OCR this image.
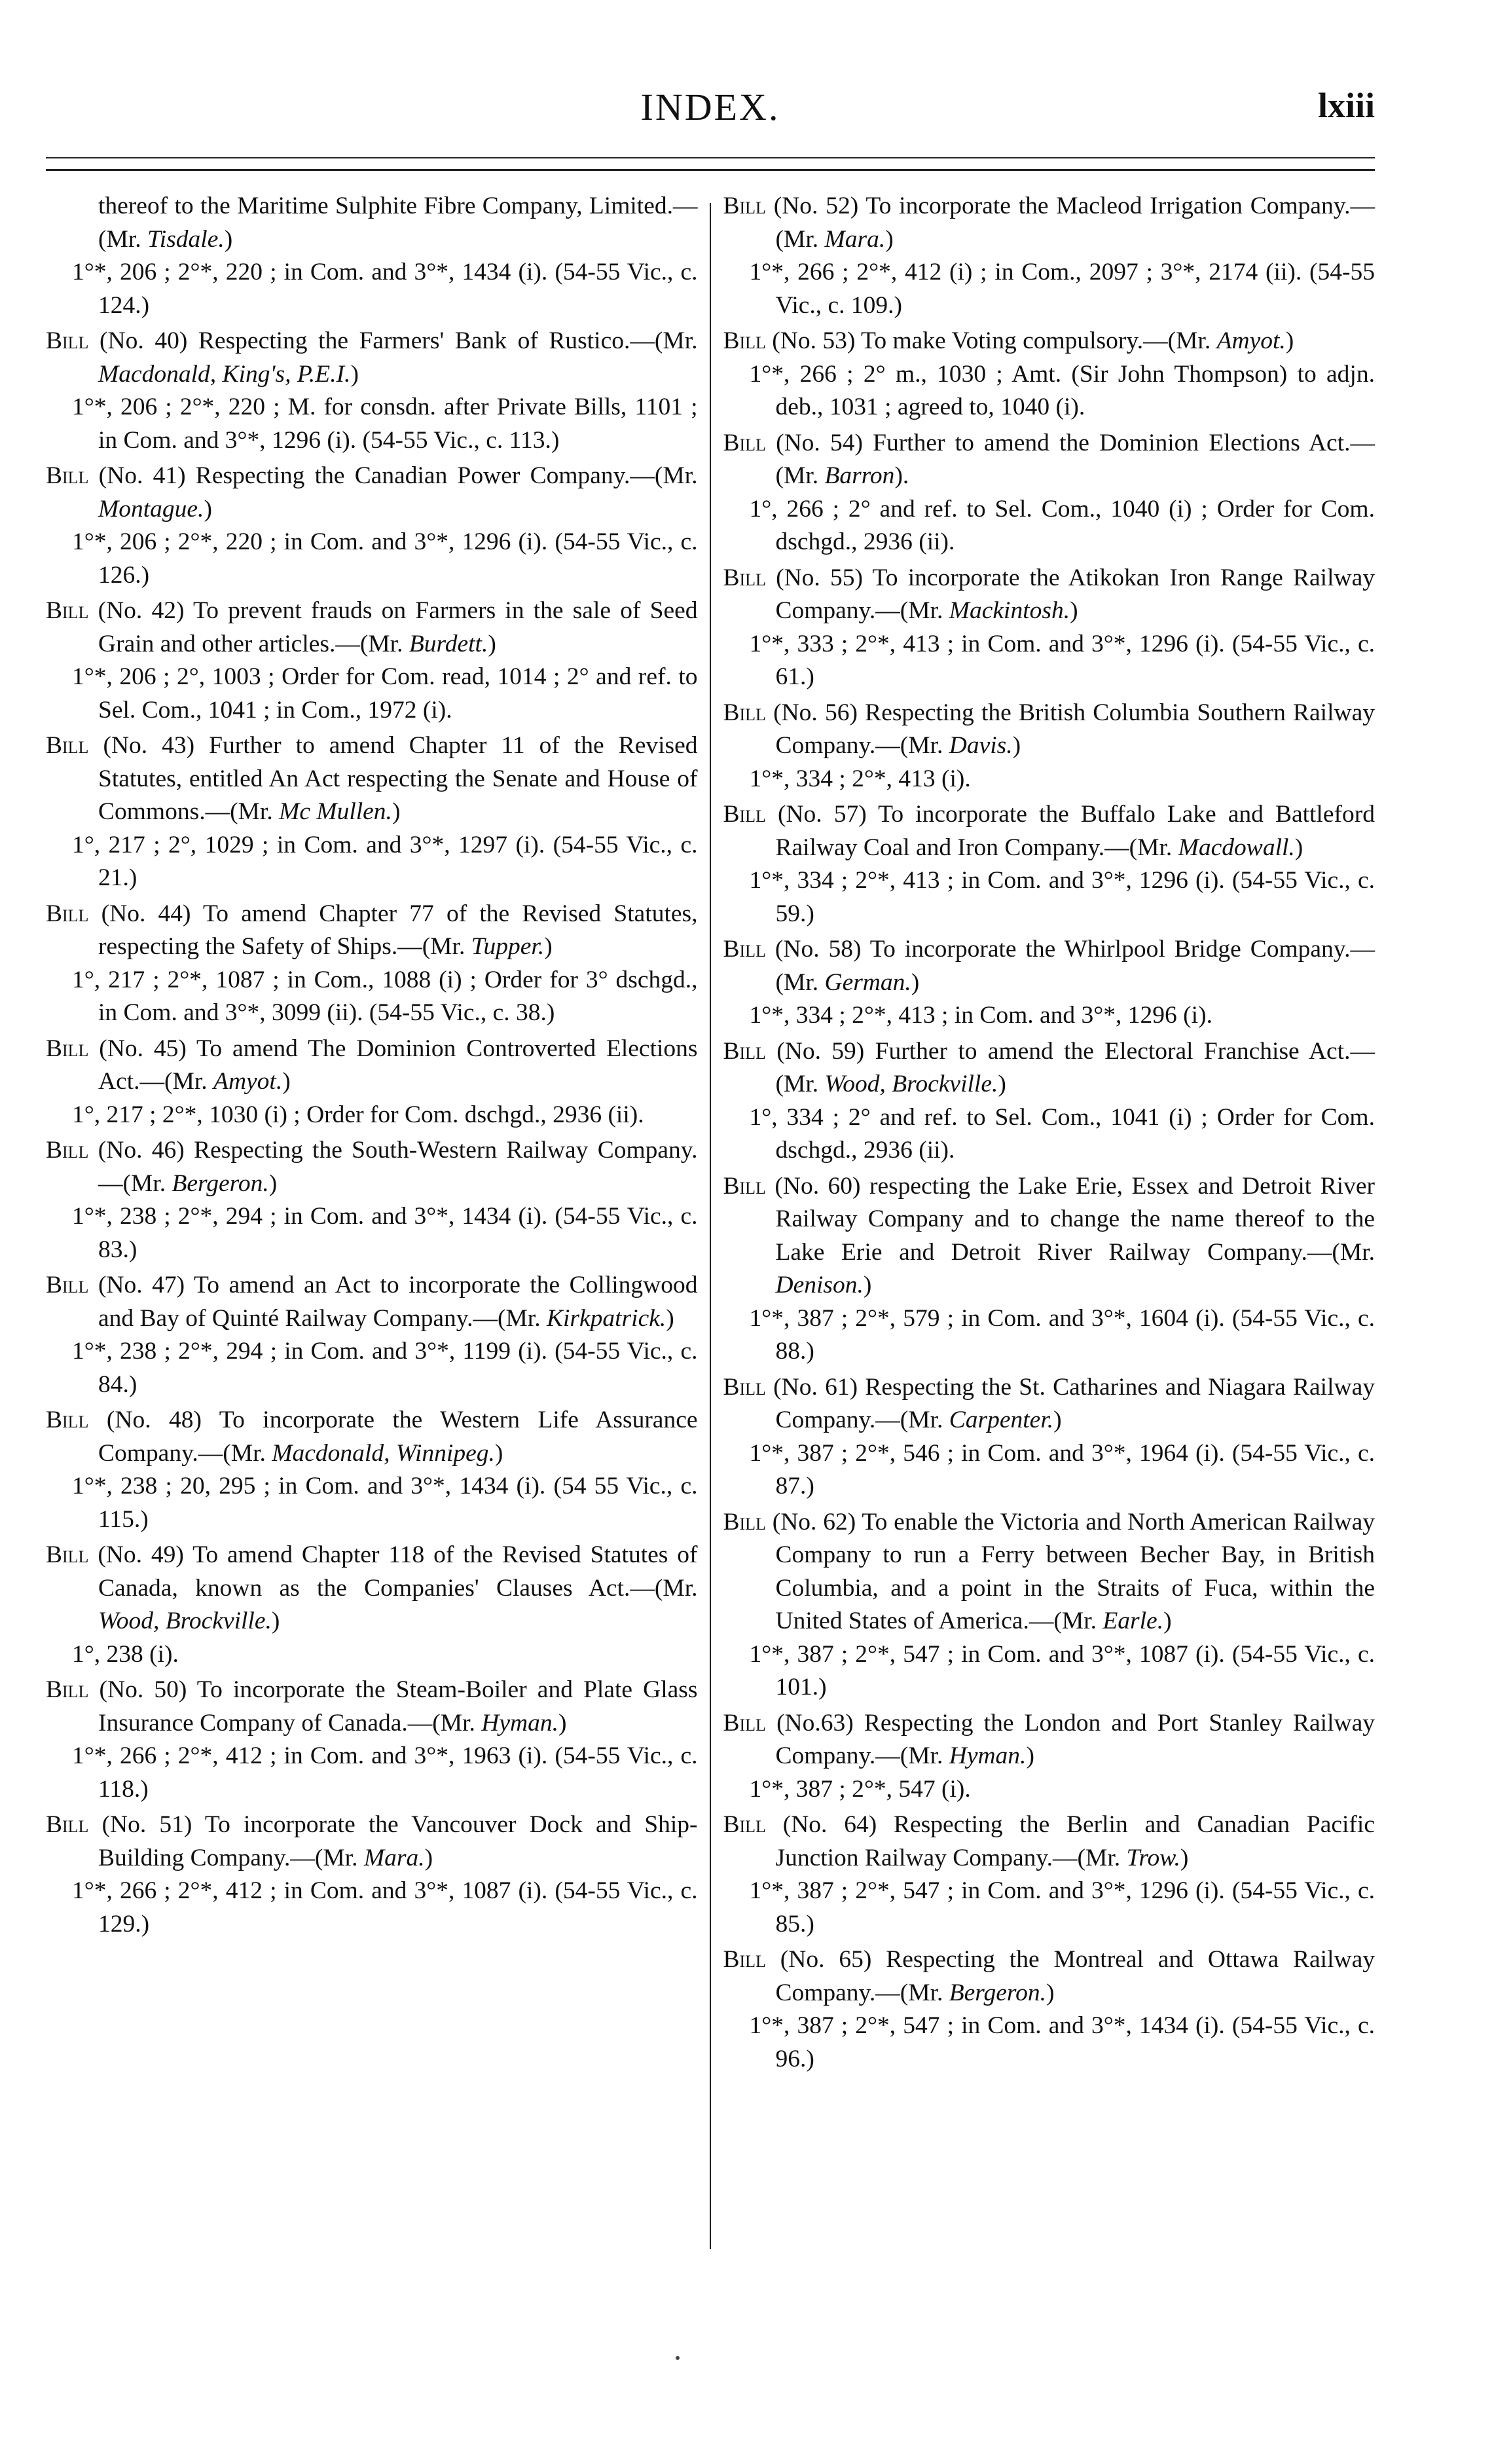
INDEX.	lxiii
thereof to the Maritime Sulphite Fibre Company, Limited.—(Mr. Tisdale.)
1°*, 206 ; 2°*, 220 ; in Com. and 3°*, 1434 (i). (54-55 Vic., c. 124.)
Bill (No. 40) Respecting the Farmers' Bank of Rustico.—(Mr. Macdonald, King's, P.E.I.)
1°*, 206 ; 2°*, 220 ; M. for consdn. after Private Bills, 1101 ; in Com. and 3°*, 1296 (i). (54-55 Vic., c. 113.)
Bill (No. 41) Respecting the Canadian Power Company.—(Mr. Montague.)
1°*, 206 ; 2°*, 220 ; in Com. and 3°*, 1296 (i). (54-55 Vic., c. 126.)
Bill (No. 42) To prevent frauds on Farmers in the sale of Seed Grain and other articles.—(Mr. Burdett.)
1°*, 206 ; 2°, 1003 ; Order for Com. read, 1014 ; 2° and ref. to Sel. Com., 1041 ; in Com., 1972 (i).
Bill (No. 43) Further to amend Chapter 11 of the Revised Statutes, entitled An Act respecting the Senate and House of Commons.—(Mr. Mc Mullen.)
1°, 217 ; 2°, 1029 ; in Com. and 3°*, 1297 (i). (54-55 Vic., c. 21.)
Bill (No. 44) To amend Chapter 77 of the Revised Statutes, respecting the Safety of Ships.—(Mr. Tupper.)
1°, 217 ; 2°*, 1087 ; in Com., 1088 (i) ; Order for 3° dschgd., in Com. and 3°*, 3099 (ii). (54-55 Vic., c. 38.)
Bill (No. 45) To amend The Dominion Controverted Elections Act.—(Mr. Amyot.)
1°, 217 ; 2°*, 1030 (i) ; Order for Com. dschgd., 2936 (ii).
Bill (No. 46) Respecting the South-Western Railway Company.—(Mr. Bergeron.)
1°*, 238 ; 2°*, 294 ; in Com. and 3°*, 1434 (i). (54-55 Vic., c. 83.)
Bill (No. 47) To amend an Act to incorporate the Collingwood and Bay of Quinté Railway Company.—(Mr. Kirkpatrick.)
1°*, 238 ; 2°*, 294 ; in Com. and 3°*, 1199 (i). (54-55 Vic., c. 84.)
Bill (No. 48) To incorporate the Western Life Assurance Company.—(Mr. Macdonald, Winnipeg.)
1°*, 238 ; 20, 295 ; in Com. and 3°*, 1434 (i). (54 55 Vic., c. 115.)
Bill (No. 49) To amend Chapter 118 of the Revised Statutes of Canada, known as the Companies' Clauses Act.—(Mr. Wood, Brockville.)
1°, 238 (i).
Bill (No. 50) To incorporate the Steam-Boiler and Plate Glass Insurance Company of Canada.—(Mr. Hyman.)
1°*, 266 ; 2°*, 412 ; in Com. and 3°*, 1963 (i). (54-55 Vic., c. 118.)
Bill (No. 51) To incorporate the Vancouver Dock and Ship-Building Company.—(Mr. Mara.)
1°*, 266 ; 2°*, 412 ; in Com. and 3°*, 1087 (i). (54-55 Vic., c. 129.)
Bill (No. 52) To incorporate the Macleod Irrigation Company.—(Mr. Mara.)
1°*, 266 ; 2°*, 412 (i) ; in Com., 2097 ; 3°*, 2174 (ii). (54-55 Vic., c. 109.)
Bill (No. 53) To make Voting compulsory.—(Mr. Amyot.)
1°*, 266 ; 2° m., 1030 ; Amt. (Sir John Thompson) to adjn. deb., 1031 ; agreed to, 1040 (i).
Bill (No. 54) Further to amend the Dominion Elections Act.—(Mr. Barron).
1°, 266 ; 2° and ref. to Sel. Com., 1040 (i) ; Order for Com. dschgd., 2936 (ii).
Bill (No. 55) To incorporate the Atikokan Iron Range Railway Company.—(Mr. Mackintosh.)
1°*, 333 ; 2°*, 413 ; in Com. and 3°*, 1296 (i). (54-55 Vic., c. 61.)
Bill (No. 56) Respecting the British Columbia Southern Railway Company.—(Mr. Davis.)
1°*, 334 ; 2°*, 413 (i).
Bill (No. 57) To incorporate the Buffalo Lake and Battleford Railway Coal and Iron Company.—(Mr. Macdowall.)
1°*, 334 ; 2°*, 413 ; in Com. and 3°*, 1296 (i). (54-55 Vic., c. 59.)
Bill (No. 58) To incorporate the Whirlpool Bridge Company.—(Mr. German.)
1°*, 334 ; 2°*, 413 ; in Com. and 3°*, 1296 (i).
Bill (No. 59) Further to amend the Electoral Franchise Act.—(Mr. Wood, Brockville.)
1°, 334 ; 2° and ref. to Sel. Com., 1041 (i) ; Order for Com. dschgd., 2936 (ii).
Bill (No. 60) respecting the Lake Erie, Essex and Detroit River Railway Company and to change the name thereof to the Lake Erie and Detroit River Railway Company.—(Mr. Denison.)
1°*, 387 ; 2°*, 579 ; in Com. and 3°*, 1604 (i). (54-55 Vic., c. 88.)
Bill (No. 61) Respecting the St. Catharines and Niagara Railway Company.—(Mr. Carpenter.)
1°*, 387 ; 2°*, 546 ; in Com. and 3°*, 1964 (i). (54-55 Vic., c. 87.)
Bill (No. 62) To enable the Victoria and North American Railway Company to run a Ferry between Becher Bay, in British Columbia, and a point in the Straits of Fuca, within the United States of America.—(Mr. Earle.)
1°*, 387 ; 2°*, 547 ; in Com. and 3°*, 1087 (i). (54-55 Vic., c. 101.)
Bill (No.63) Respecting the London and Port Stanley Railway Company.—(Mr. Hyman.)
1°*, 387 ; 2°*, 547 (i).
Bill (No. 64) Respecting the Berlin and Canadian Pacific Junction Railway Company.—(Mr. Trow.)
1°*, 387 ; 2°*, 547 ; in Com. and 3°*, 1296 (i). (54-55 Vic., c. 85.)
Bill (No. 65) Respecting the Montreal and Ottawa Railway Company.—(Mr. Bergeron.)
1°*, 387 ; 2°*, 547 ; in Com. and 3°*, 1434 (i). (54-55 Vic., c. 96.)
